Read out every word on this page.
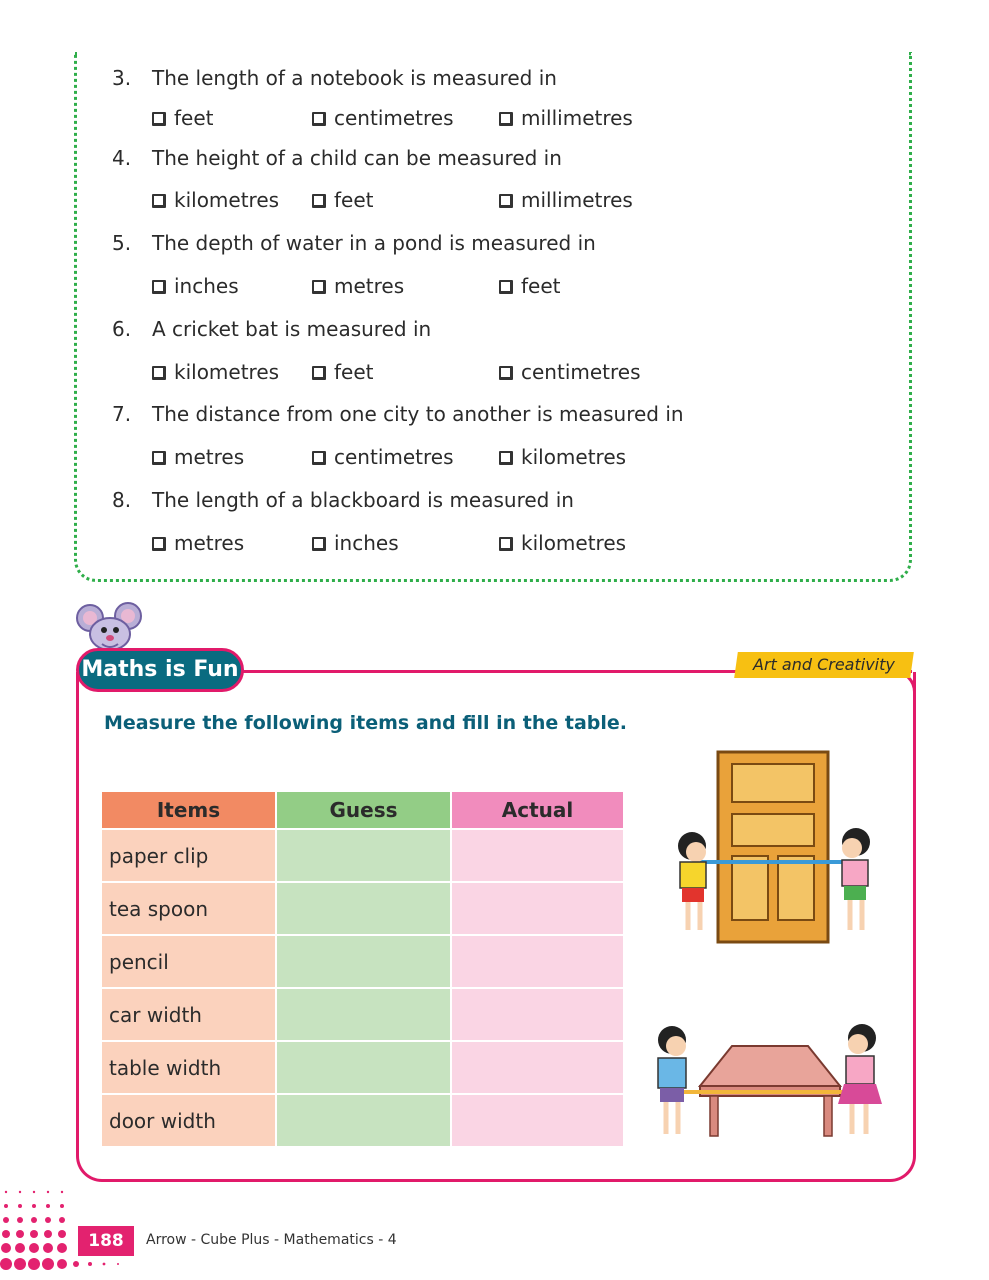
3. The length of a notebook is measured in
feet	centimetres	millimetres
4. The height of a child can be measured in
kilometres	feet	millimetres
5. The depth of water in a pond is measured in
inches	metres	feet
6. A cricket bat is measured in
kilometres	feet	centimetres
7. The distance from one city to another is measured in
metres	centimetres	kilometres
8. The length of a blackboard is measured in
metres	inches	kilometres
Maths is Fun	Art and Creativity
Measure the following items and fill in the table.
Items	Guess	Actual
paper clip		
tea spoon		
pencil		
car width		
table width		
door width		
188	Arrow - Cube Plus - Mathematics - 4
